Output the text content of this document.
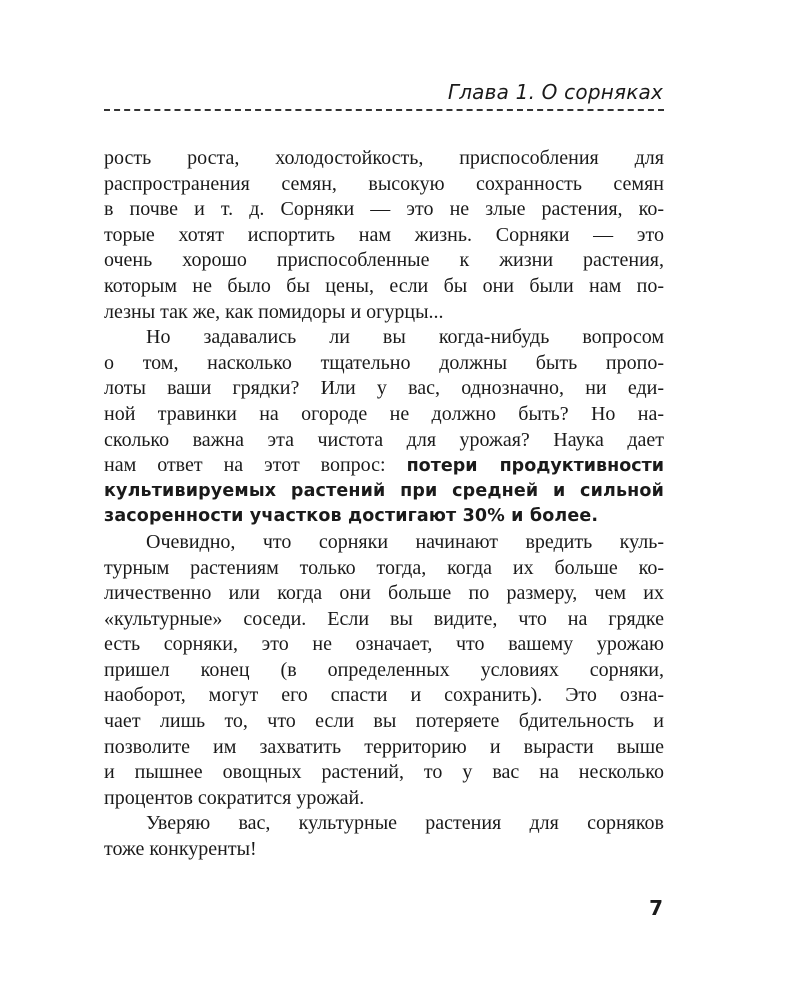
Глава 1. О сорняках
рость роста, холодостойкость, приспособления для
распространения семян, высокую сохранность семян
в почве и т. д. Сорняки — это не злые растения, ко-
торые хотят испортить нам жизнь. Сорняки — это
очень хорошо приспособленные к жизни растения,
которым не было бы цены, если бы они были нам по-
лезны так же, как помидоры и огурцы...
Но задавались ли вы когда-нибудь вопросом
о том, насколько тщательно должны быть пропо-
лоты ваши грядки? Или у вас, однозначно, ни еди-
ной травинки на огороде не должно быть? Но на-
сколько важна эта чистота для урожая? Наука дает
нам ответ на этот вопрос: потери продуктивности
культивируемых растений при средней и сильной
засоренности участков достигают 30% и более.
Очевидно, что сорняки начинают вредить куль-
турным растениям только тогда, когда их больше ко-
личественно или когда они больше по размеру, чем их
«культурные» соседи. Если вы видите, что на грядке
есть сорняки, это не означает, что вашему урожаю
пришел конец (в определенных условиях сорняки,
наоборот, могут его спасти и сохранить). Это озна-
чает лишь то, что если вы потеряете бдительность и
позволите им захватить территорию и вырасти выше
и пышнее овощных растений, то у вас на несколько
процентов сократится урожай.
Уверяю вас, культурные растения для сорняков
тоже конкуренты!
7
